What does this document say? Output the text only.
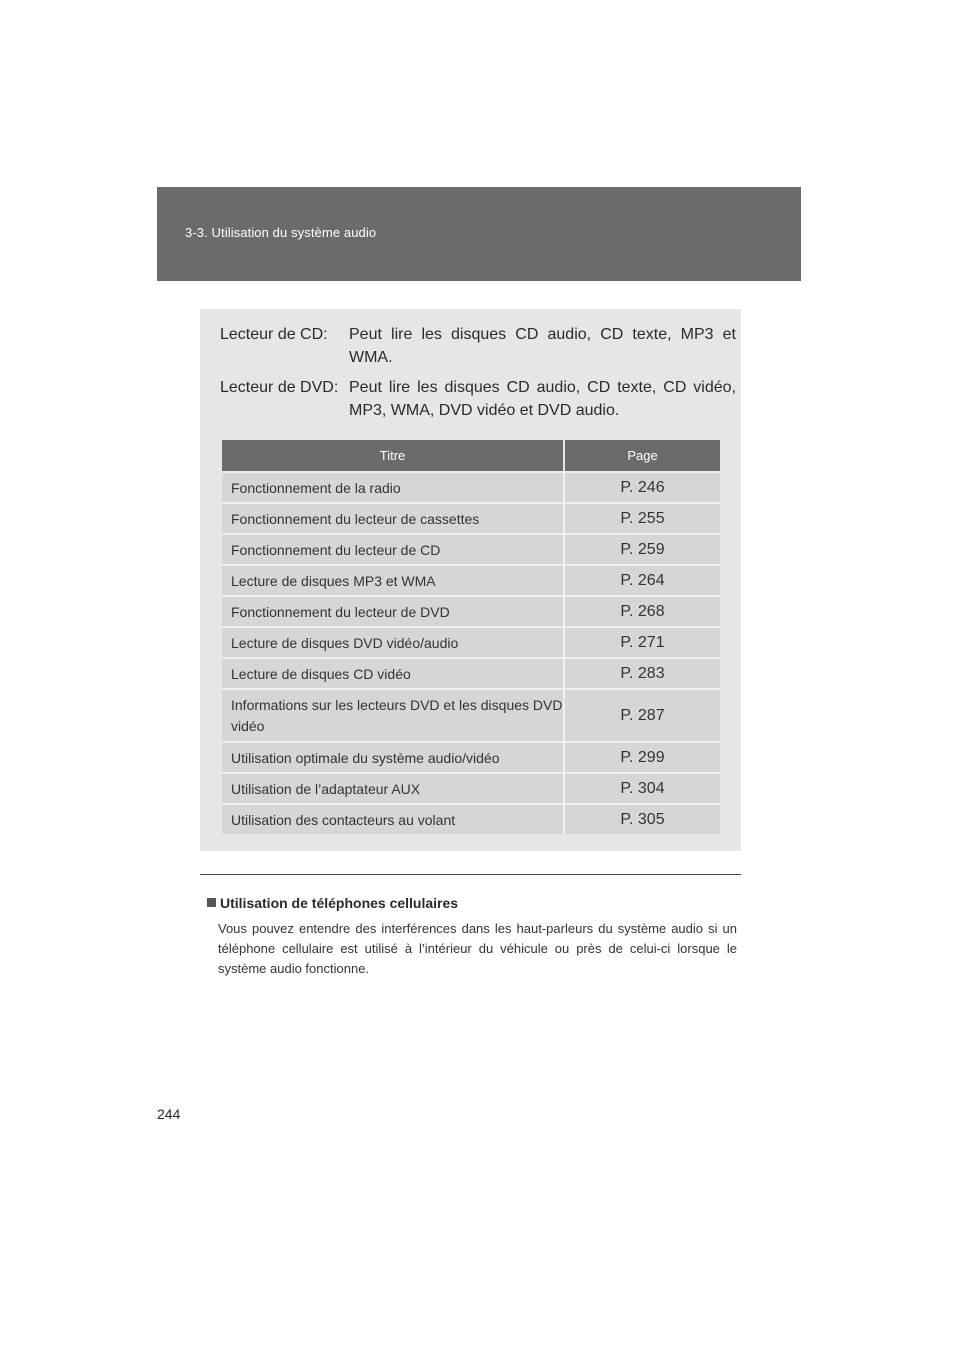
3-3. Utilisation du système audio
Lecteur de CD: Peut lire les disques CD audio, CD texte, MP3 et WMA.
Lecteur de DVD: Peut lire les disques CD audio, CD texte, CD vidéo, MP3, WMA, DVD vidéo et DVD audio.
Titre	Page
Fonctionnement de la radio	P. 246
Fonctionnement du lecteur de cassettes	P. 255
Fonctionnement du lecteur de CD	P. 259
Lecture de disques MP3 et WMA	P. 264
Fonctionnement du lecteur de DVD	P. 268
Lecture de disques DVD vidéo/audio	P. 271
Lecture de disques CD vidéo	P. 283
Informations sur les lecteurs DVD et les disques DVD vidéo	P. 287
Utilisation optimale du système audio/vidéo	P. 299
Utilisation de l’adaptateur AUX	P. 304
Utilisation des contacteurs au volant	P. 305
Utilisation de téléphones cellulaires
Vous pouvez entendre des interférences dans les haut-parleurs du système audio si un téléphone cellulaire est utilisé à l’intérieur du véhicule ou près de celui-ci lorsque le système audio fonctionne.
244
